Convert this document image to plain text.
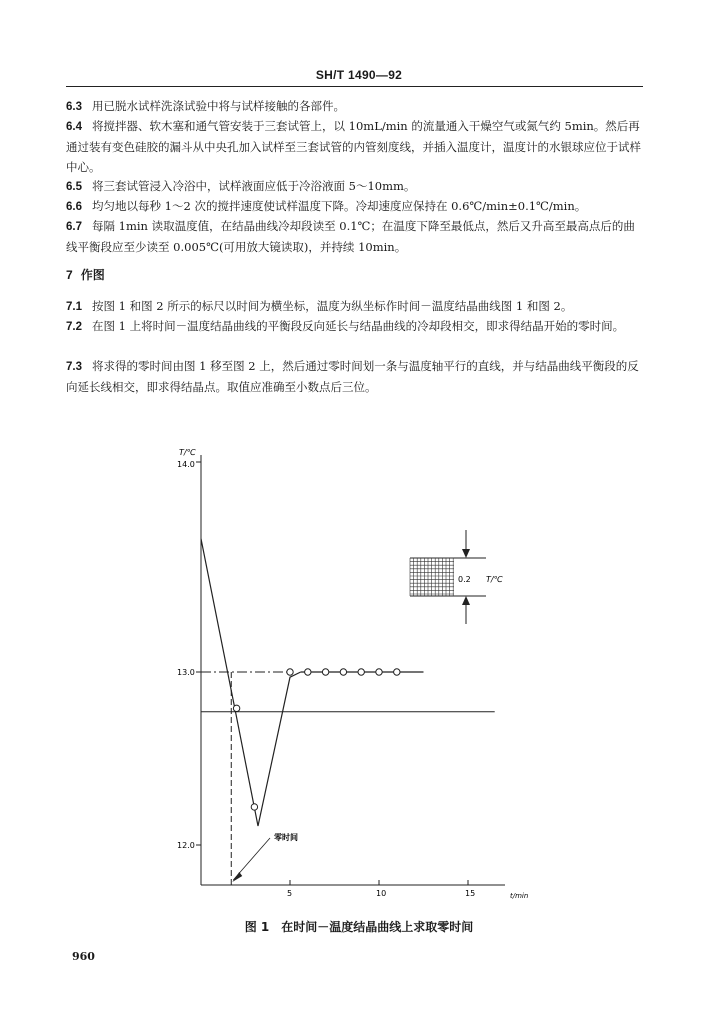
SH/T 1490—92

6.3 用已脱水试样洗涤试验中将与试样接触的各部件。

6.4 将搅拌器、软木塞和通气管安装于三套试管上，以 10mL/min 的流量通入干燥空气或氮气约 5min。然后再通过装有变色硅胶的漏斗从中央孔加入试样至三套试管的内管刻度线，并插入温度计，温度计的水银球应位于试样中心。

6.5 将三套试管浸入冷浴中，试样液面应低于冷浴液面 5～10mm。

6.6 均匀地以每秒 1～2 次的搅拌速度使试样温度下降。冷却速度应保持在 0.6℃/min±0.1℃/min。

6.7 每隔 1min 读取温度值，在结晶曲线冷却段读至 0.1℃；在温度下降至最低点，然后又升高至最高点后的曲线平衡段应至少读至 0.005℃(可用放大镜读取)，并持续 10min。

7 作图

7.1 按图 1 和图 2 所示的标尺以时间为横坐标，温度为纵坐标作时间－温度结晶曲线图 1 和图 2。

7.2 在图 1 上将时间－温度结晶曲线的平衡段反向延长与结晶曲线的冷却段相交，即求得结晶开始的零时间。

7.3 将求得的零时间由图 1 移至图 2 上，然后通过零时间划一条与温度轴平行的直线，并与结晶曲线平衡段的反向延长线相交，即求得结晶点。取值应准确至小数点后三位。

0.2 T/℃
T/℃
14.0
t/min
零时间
12.0
13.0
5	10	15
图 1　在时间－温度结晶曲线上求取零时间
960
